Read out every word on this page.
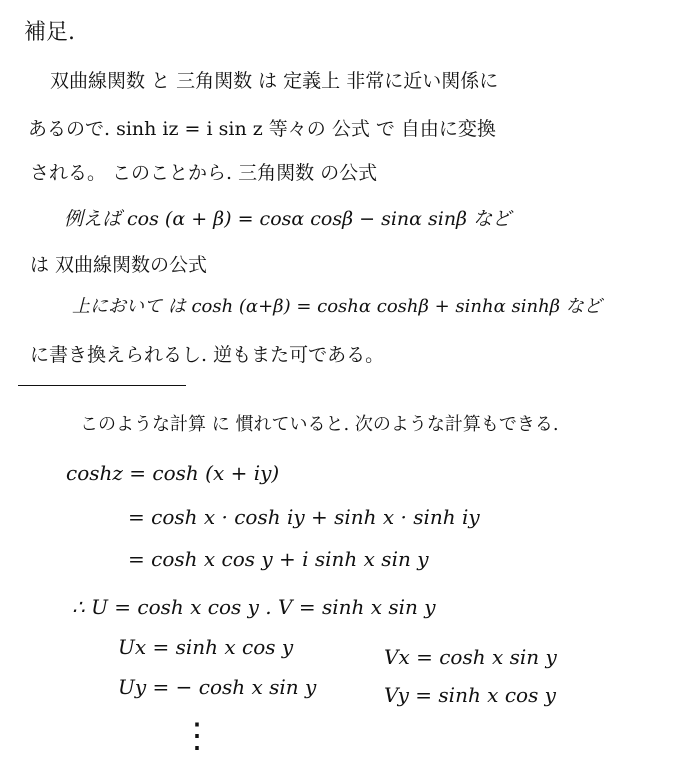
補足.
双曲線関数 と 三角関数 は 定義上 非常に近い関係に
あるので. sinh iz = i sin z 等々の 公式 で 自由に変換
される。 このことから. 三角関数 の公式
例えば cos (α + β) = cosα cosβ − sinα sinβ など
は 双曲線関数の公式
上において は cosh (α+β) = coshα coshβ + sinhα sinhβ など
に書き換えられるし. 逆もまた可である。
このような計算 に 慣れていると. 次のような計算もできる.
coshz = cosh (x + iy)
= cosh x · cosh iy + sinh x · sinh iy
= cosh x cos y + i sinh x sin y
∴ U = cosh x cos y . V = sinh x sin y
Ux = sinh x cos y
Uy = − cosh x sin y
Vx = cosh x sin y
Vy = sinh x cos y
⋮
